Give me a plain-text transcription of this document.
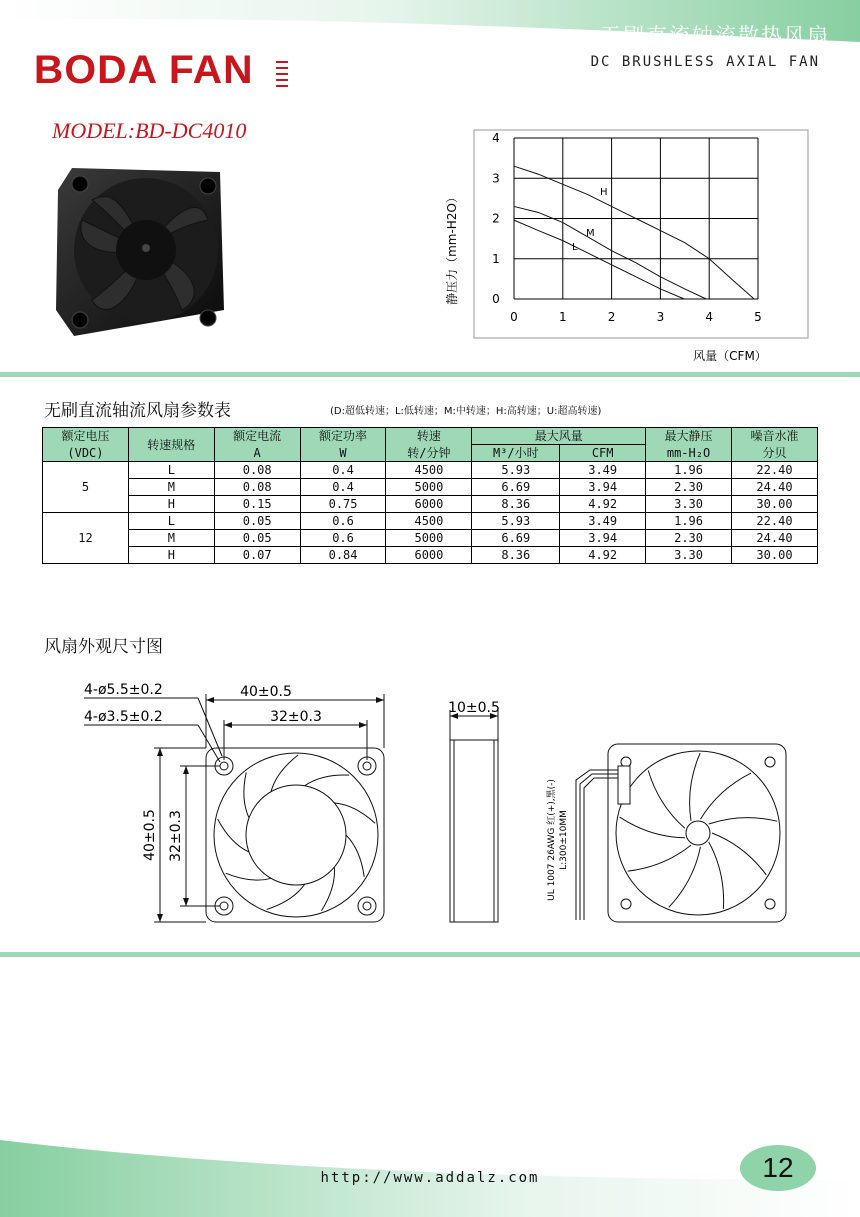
无刷直流轴流散热风扇
DC BRUSHLESS AXIAL FAN
BODA FAN
MODEL:BD-DC4010
0	1	2	3	4	5
0
1
2
3
4
静压力（mm-H2O）
风量（CFM）
H
M
L
无刷直流轴流风扇参数表	(D:超低转速；L:低转速；M:中转速；H:高转速；U:超高转速)
额定电压	转速规格	额定电流	额定功率	转速	最大风量		最大静压	噪音水准
(VDC)		A	W	转/分钟	M³/小时	CFM	mm-H₂O	分贝
5	L	0.08	0.4	4500	5.93	3.49	1.96	22.40
	M	0.08	0.4	5000	6.69	3.94	2.30	24.40
	H	0.15	0.75	6000	8.36	4.92	3.30	30.00
12	L	0.05	0.6	4500	5.93	3.49	1.96	22.40
	M	0.05	0.6	5000	6.69	3.94	2.30	24.40
	H	0.07	0.84	6000	8.36	4.92	3.30	30.00
风扇外观尺寸图
40±0.5
32±0.3
4-ø5.5±0.2
4-ø3.5±0.2
40±0.5 32±0.3
10±0.5
UL 1007 26AWG 红(+),黑(-) L:300±10MM
http://www.addalz.com	12
